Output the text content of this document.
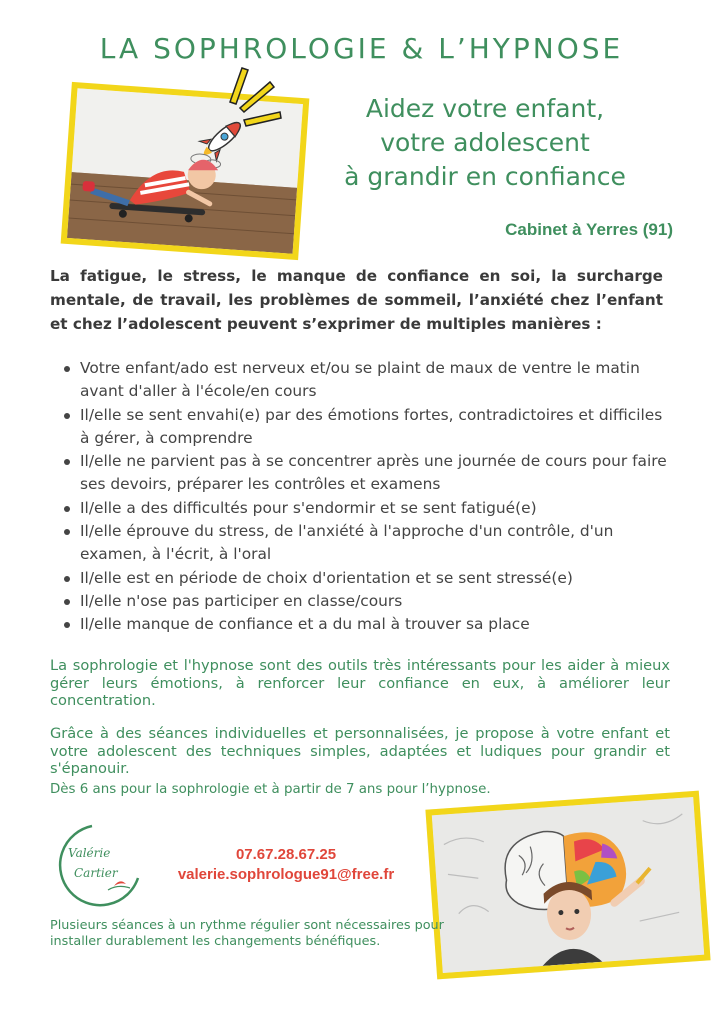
LA SOPHROLOGIE & L’HYPNOSE
Aidez votre enfant,
votre adolescent
à grandir en confiance
Cabinet à Yerres (91)

La fatigue, le stress, le manque de confiance en soi, la surcharge mentale, de travail, les problèmes de sommeil, l’anxiété chez l’enfant et chez l’adolescent peuvent s’exprimer de multiples manières :

Votre enfant/ado est nerveux et/ou se plaint de maux de ventre le matin avant d'aller à l'école/en cours
Il/elle se sent envahi(e) par des émotions fortes, contradictoires et difficiles à gérer, à comprendre
Il/elle ne parvient pas à se concentrer après une journée de cours pour faire ses devoirs, préparer les contrôles et examens
Il/elle a des difficultés pour s'endormir et se sent fatigué(e)
Il/elle éprouve du stress, de l'anxiété à l'approche d'un contrôle, d'un examen, à l'écrit, à l'oral
Il/elle est en période de choix d'orientation et se sent stressé(e)
Il/elle n'ose pas participer en classe/cours
Il/elle manque de confiance et a du mal à trouver sa place

La sophrologie et l'hypnose sont des outils très intéressants pour les aider à mieux gérer leurs émotions, à renforcer leur confiance en eux, à améliorer leur concentration.

Grâce à des séances individuelles et personnalisées, je propose à votre enfant et votre adolescent des techniques simples, adaptées et ludiques pour grandir et s'épanouir.

Dès 6 ans pour la sophrologie et à partir de 7 ans pour l’hypnose.

Valérie
Cartier
07.67.28.67.25
valerie.sophrologue91@free.fr

Plusieurs séances à un rythme régulier sont nécessaires pour installer durablement les changements bénéfiques.
